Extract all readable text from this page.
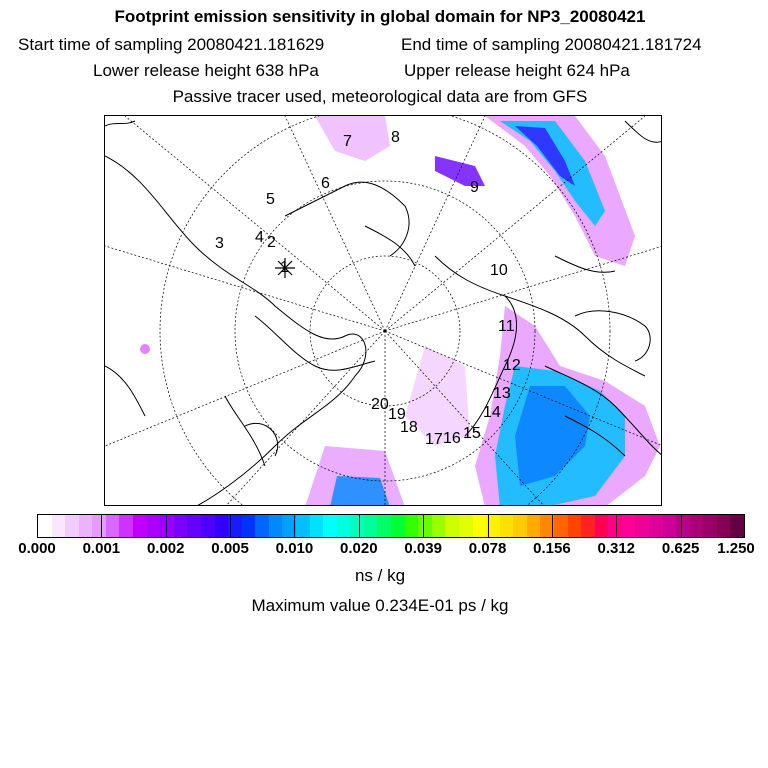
Footprint emission sensitivity in global domain for NP3_20080421
Start time of sampling 20080421.181629	End time of sampling 20080421.181724
Lower release height 638 hPa	Upper release height 624 hPa
Passive tracer used, meteorological data are from GFS
1
2
3 4
5
6
7 8
9
10
11
12
13
14
15
16
17
18
19
20
ns / kg
Maximum value 0.234E-01 ps / kg
0.000 0.001 0.002 0.005 0.010 0.020 0.039 0.078 0.156 0.312 0.625 1.250
